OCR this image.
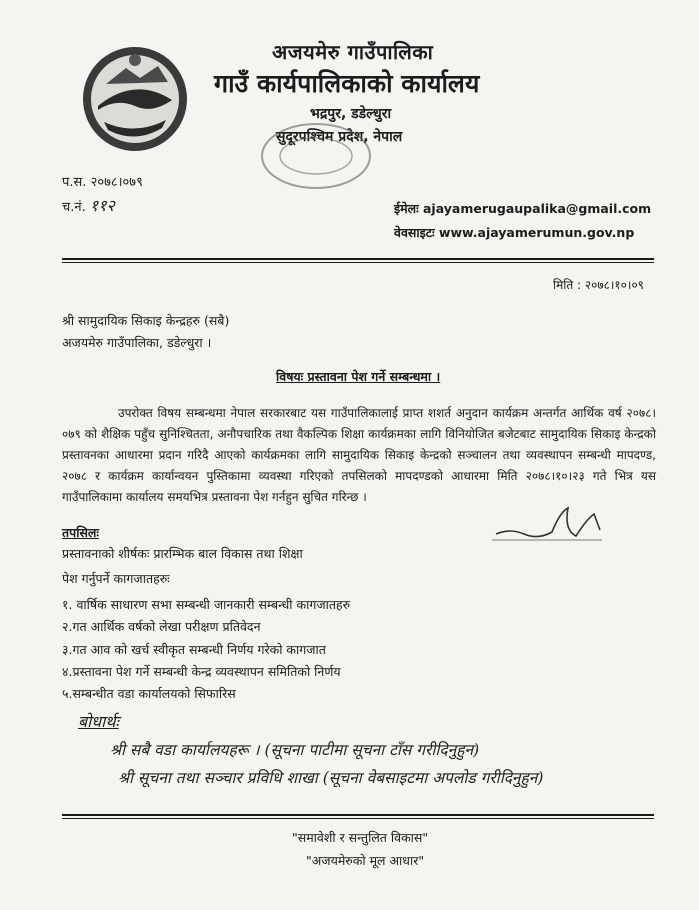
अजयमेरु गाउँपालिका
गाउँ कार्यपालिकाको कार्यालय
भद्रपुर, डडेल्धुरा
सुदूरपश्चिम प्रदेश, नेपाल
प.स. २०७८।०७९
च.नं. ११२	ईमेलः ajayamerugaupalika@gmail.com
वेवसाइटः www.ajayamerumun.gov.np
मिति : २०७८।१०।०९
श्री सामुदायिक सिकाइ केन्द्रहरु (सबै)
अजयमेरु गाउँपालिका, डडेल्धुरा ।
विषयः प्रस्तावना पेश गर्ने सम्बन्धमा ।
उपरोक्त विषय सम्बन्धमा नेपाल सरकारबाट यस गाउँपालिकालाई प्राप्त शशर्त अनुदान कार्यक्रम अन्तर्गत आर्थिक वर्ष २०७८।०७९ को शैक्षिक पहुँच सुनिश्चितता, अनौपचारिक तथा वैकल्पिक शिक्षा कार्यक्रमका लागि विनियोजित बजेटबाट सामुदायिक सिकाइ केन्द्रको प्रस्तावनका आधारमा प्रदान गरिदै आएको कार्यक्रमका लागि सामुदायिक सिकाइ केन्द्रको सञ्चालन तथा व्यवस्थापन सम्बन्धी मापदण्ड, २०७८ र कार्यक्रम कार्यान्वयन पुस्तिकामा व्यवस्था गरिएको तपसिलको मापदण्डको आधारमा मिति २०७८।१०।२३ गते भित्र यस गाउँपालिकामा कार्यालय समयभित्र प्रस्तावना पेश गर्नहुन सुचित गरिन्छ ।
तपसिलः
प्रस्तावनाको शीर्षकः प्रारम्भिक बाल विकास तथा शिक्षा
पेश गर्नुपर्ने कागजातहरुः
१. वार्षिक साधारण सभा सम्बन्धी जानकारी सम्बन्धी कागजातहरु
२.गत आर्थिक वर्षको लेखा परीक्षण प्रतिवेदन
३.गत आव को खर्च स्वीकृत सम्बन्धी निर्णय गरेको कागजात
४.प्रस्तावना पेश गर्ने सम्बन्धी केन्द्र व्यवस्थापन समितिको निर्णय
५.सम्बन्धीत वडा कार्यालयको सिफारिस
बोधार्थः
श्री सबै वडा कार्यालयहरू । (सूचना पाटीमा सूचना टाँस गरीदिनुहुन)
श्री सूचना तथा सञ्चार प्रविधि शाखा (सूचना वेबसाइटमा अपलोड गरीदिनुहुन)
"समावेशी र सन्तुलित विकास"
"अजयमेरुको मूल आधार"
